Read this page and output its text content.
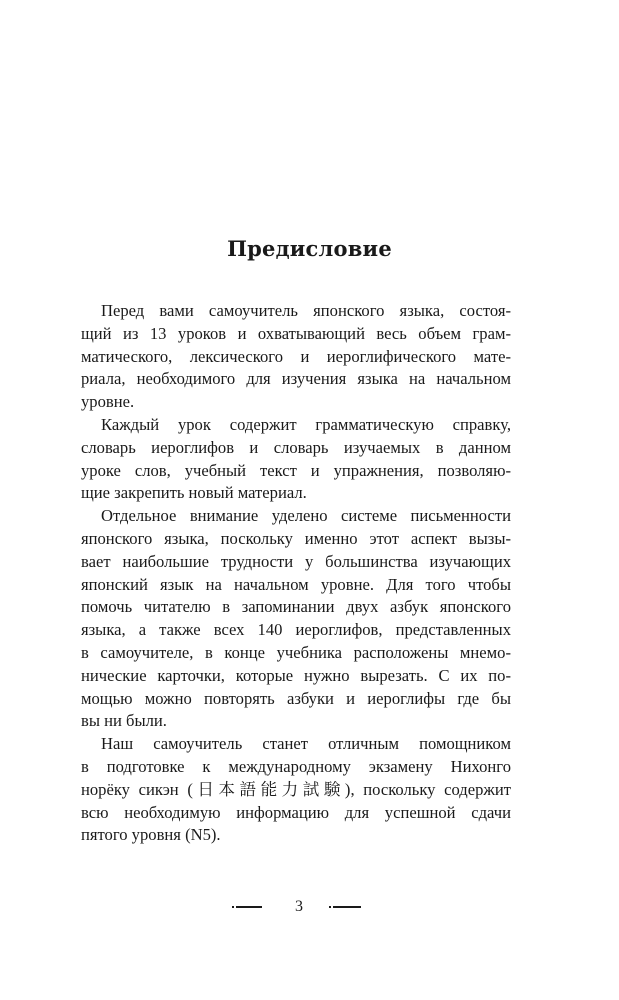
Предисловие
Перед вами самоучитель японского языка, состоя-
щий из 13 уроков и охватывающий весь объем грам-
матического, лексического и иероглифического мате-
риала, необходимого для изучения языка на начальном
уровне.
Каждый урок содержит грамматическую справку,
словарь иероглифов и словарь изучаемых в данном
уроке слов, учебный текст и упражнения, позволяю-
щие закрепить новый материал.
Отдельное внимание уделено системе письменности
японского языка, поскольку именно этот аспект вызы-
вает наибольшие трудности у большинства изучающих
японский язык на начальном уровне. Для того чтобы
помочь читателю в запоминании двух азбук японского
языка, а также всех 140 иероглифов, представленных
в самоучителе, в конце учебника расположены мнемо-
нические карточки, которые нужно вырезать. С их по-
мощью можно повторять азбуки и иероглифы где бы
вы ни были.
Наш самоучитель станет отличным помощником
в подготовке к международному экзамену Нихонго
норёку сикэн (日本語能力試験), поскольку содержит
всю необходимую информацию для успешной сдачи
пятого уровня (N5).
3
